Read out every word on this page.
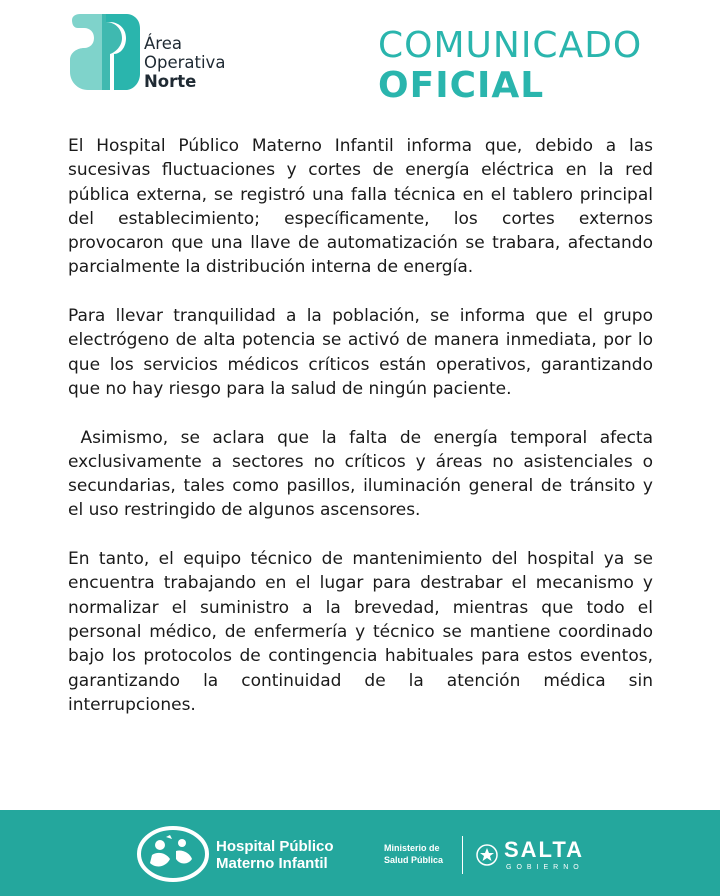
Área
Operativa
Norte
COMUNICADO
OFICIAL

El Hospital Público Materno Infantil informa que, debido a las sucesivas fluctuaciones y cortes de energía eléctrica en la red pública externa, se registró una falla técnica en el tablero principal del establecimiento; específicamente, los cortes externos provocaron que una llave de automatización se trabara, afectando parcialmente la distribución interna de energía.

Para llevar tranquilidad a la población, se informa que el grupo electrógeno de alta potencia se activó de manera inmediata, por lo que los servicios médicos críticos están operativos, garantizando que no hay riesgo para la salud de ningún paciente.

Asimismo, se aclara que la falta de energía temporal afecta exclusivamente a sectores no críticos y áreas no asistenciales o secundarias, tales como pasillos, iluminación general de tránsito y el uso restringido de algunos ascensores.

En tanto, el equipo técnico de mantenimiento del hospital ya se encuentra trabajando en el lugar para destrabar el mecanismo y normalizar el suministro a la brevedad, mientras que todo el personal médico, de enfermería y técnico se mantiene coordinado bajo los protocolos de contingencia habituales para estos eventos, garantizando la continuidad de la atención médica sin interrupciones.

Hospital Público
Materno Infantil
Ministerio de
Salud Pública	SALTA
GOBIERNO
